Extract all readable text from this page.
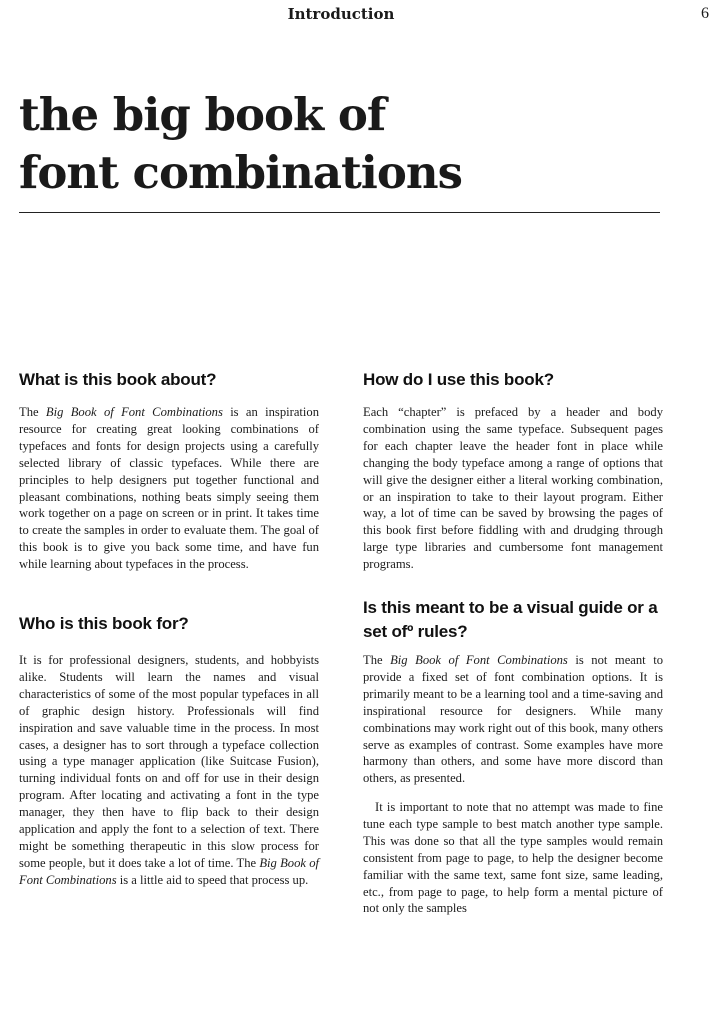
Introduction	6
the big book of
font combinations
What is this book about?

The Big Book of Font Combinations is an inspiration resource for creating great looking combinations of typefaces and fonts for design projects using a carefully selected library of classic typefaces. While there are principles to help designers put together functional and pleasant combinations, nothing beats simply seeing them work together on a page on screen or in print. It takes time to create the samples in order to evaluate them. The goal of this book is to give you back some time, and have fun while learning about typefaces in the process.

Who is this book for?

It is for professional designers, students, and hobbyists alike. Students will learn the names and visual characteristics of some of the most popular typefaces in all of graphic design history. Professionals will find inspiration and save valuable time in the process. In most cases, a designer has to sort through a typeface collection using a type manager application (like Suitcase Fusion), turning individual fonts on and off for use in their design program. After locating and activating a font in the type manager, they then have to flip back to their design application and apply the font to a selection of text. There might be something therapeutic in this slow process for some people, but it does take a lot of time. The Big Book of Font Combinations is a little aid to speed that process up.

How do I use this book?

Each “chapter” is prefaced by a header and body combination using the same typeface. Subsequent pages for each chapter leave the header font in place while changing the body typeface among a range of options that will give the designer either a literal working combination, or an inspiration to take to their layout program. Either way, a lot of time can be saved by browsing the pages of this book first before fiddling with and drudging through large type libraries and cumbersome font management programs.

Is this meant to be a visual guide or a set ofº rules?

The Big Book of Font Combinations is not meant to provide a fixed set of font combination options. It is primarily meant to be a learning tool and a time-saving and inspirational resource for designers. While many combinations may work right out of this book, many others serve as examples of contrast. Some examples have more harmony than others, and some have more discord than others, as presented.

It is important to note that no attempt was made to fine tune each type sample to best match another type sample. This was done so that all the type samples would remain consistent from page to page, to help the designer become familiar with the same text, same font size, same leading, etc., from page to page, to help form a mental picture of not only the samples
